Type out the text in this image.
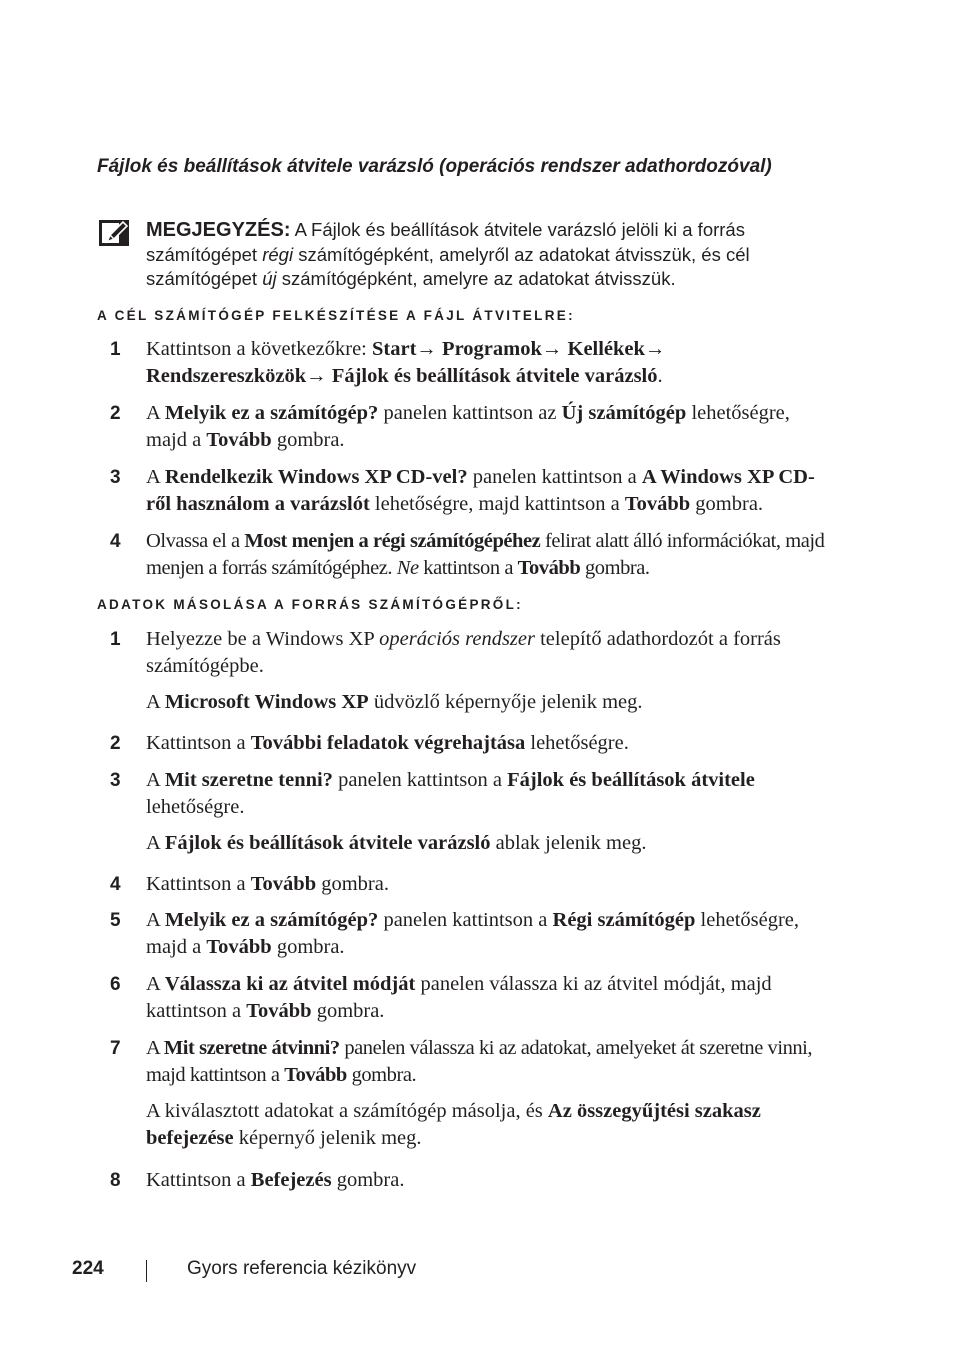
Fájlok és beállítások átvitele varázsló (operációs rendszer adathordozóval)
MEGJEGYZÉS: A Fájlok és beállítások átvitele varázsló jelöli ki a forrás számítógépet régi számítógépként, amelyről az adatokat átvisszük, és cél számítógépet új számítógépként, amelyre az adatokat átvisszük.
A CÉL SZÁMÍTÓGÉP FELKÉSZÍTÉSE A FÁJL ÁTVITELRE:
1 Kattintson a következőkre: Start→ Programok→ Kellékek→
Rendszereszközök→ Fájlok és beállítások átvitele varázsló.
2 A Melyik ez a számítógép? panelen kattintson az Új számítógép lehetőségre, majd a Tovább gombra.
3 A Rendelkezik Windows XP CD-vel? panelen kattintson a A Windows XP CD-ről használom a varázslót lehetőségre, majd kattintson a Tovább gombra.
4 Olvassa el a Most menjen a régi számítógépéhez felirat alatt álló információkat, majd menjen a forrás számítógéphez. Ne kattintson a Tovább gombra.
ADATOK MÁSOLÁSA A FORRÁS SZÁMÍTÓGÉPRŐL:
1 Helyezze be a Windows XP operációs rendszer telepítő adathordozót a forrás számítógépbe.
A Microsoft Windows XP üdvözlő képernyője jelenik meg.
2 Kattintson a További feladatok végrehajtása lehetőségre.
3 A Mit szeretne tenni? panelen kattintson a Fájlok és beállítások átvitele lehetőségre.
A Fájlok és beállítások átvitele varázsló ablak jelenik meg.
4 Kattintson a Tovább gombra.
5 A Melyik ez a számítógép? panelen kattintson a Régi számítógép lehetőségre, majd a Tovább gombra.
6 A Válassza ki az átvitel módját panelen válassza ki az átvitel módját, majd kattintson a Tovább gombra.
7 A Mit szeretne átvinni? panelen válassza ki az adatokat, amelyeket át szeretne vinni, majd kattintson a Tovább gombra.
A kiválasztott adatokat a számítógép másolja, és Az összegyűjtési szakasz befejezése képernyő jelenik meg.
8 Kattintson a Befejezés gombra.
224	Gyors referencia kézikönyv
